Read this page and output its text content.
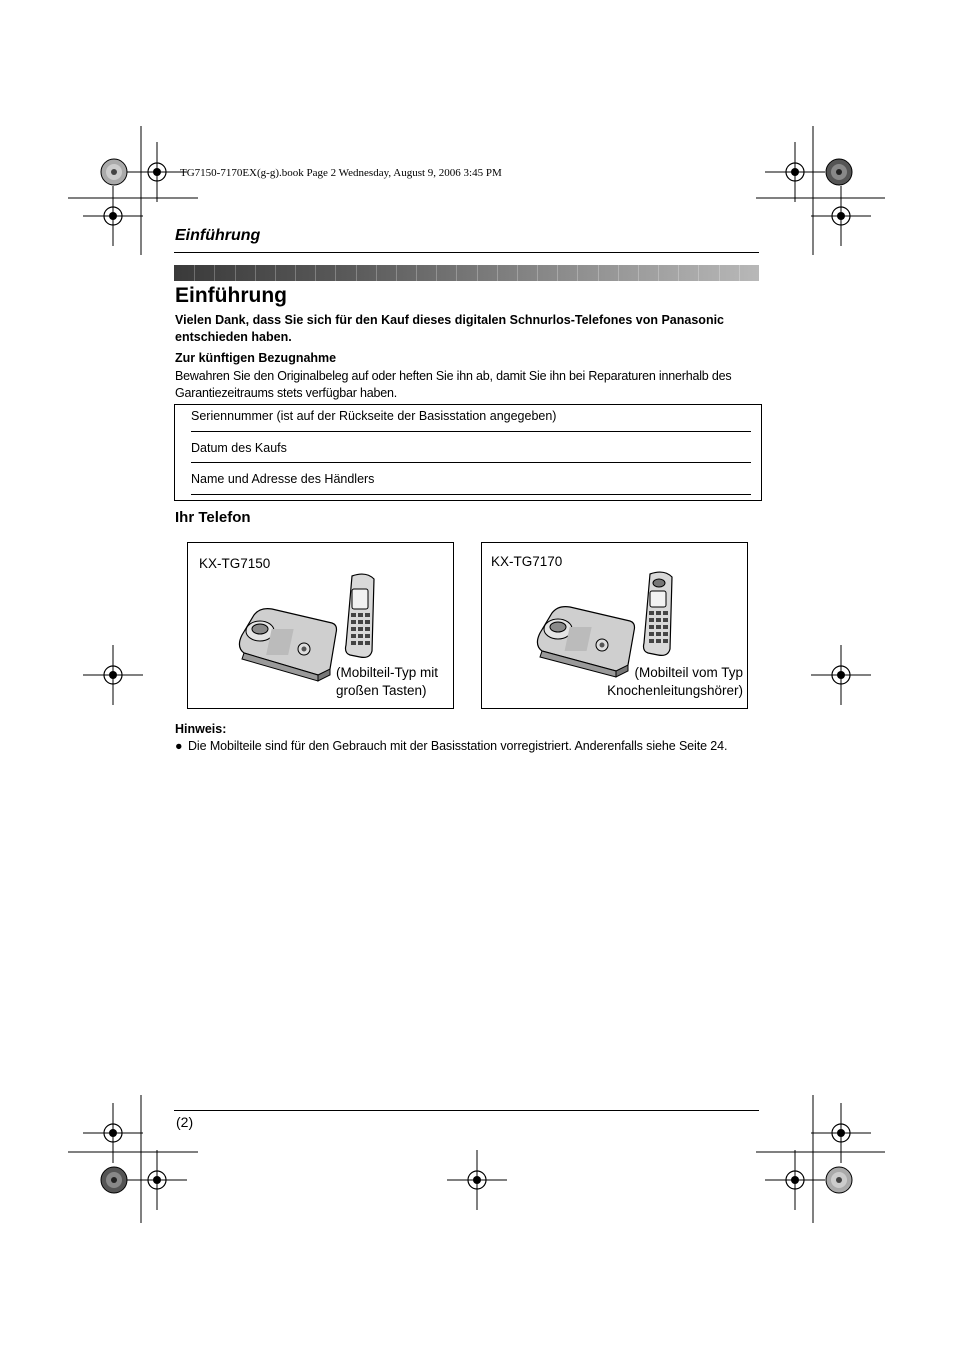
TG7150-7170EX(g-g).book Page 2 Wednesday, August 9, 2006 3:45 PM
Einführung
Einführung
Vielen Dank, dass Sie sich für den Kauf dieses digitalen Schnurlos-Telefones von Panasonic
entschieden haben.
Zur künftigen Bezugnahme
Bewahren Sie den Originalbeleg auf oder heften Sie ihn ab, damit Sie ihn bei Reparaturen innerhalb des
Garantiezeitraums stets verfügbar haben.
Seriennummer (ist auf der Rückseite der Basisstation angegeben)
Datum des Kaufs
Name und Adresse des Händlers
Ihr Telefon
KX-TG7150
(Mobilteil-Typ mit
großen Tasten)
KX-TG7170
(Mobilteil vom Typ
Knochenleitungshörer)
Hinweis:
● Die Mobilteile sind für den Gebrauch mit der Basisstation vorregistriert. Anderenfalls siehe Seite 24.
(2)
